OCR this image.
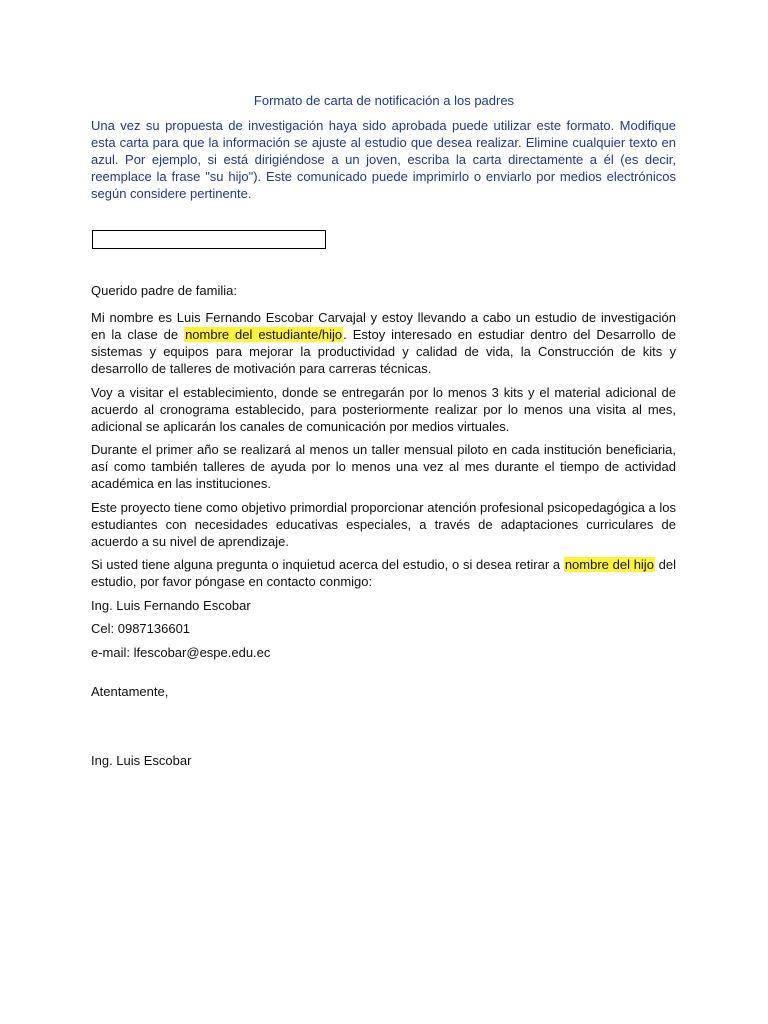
Formato de carta de notificación a los padres

Una vez su propuesta de investigación haya sido aprobada puede utilizar este formato. Modifique esta carta para que la información se ajuste al estudio que desea realizar. Elimine cualquier texto en azul. Por ejemplo, si está dirigiéndose a un joven, escriba la carta directamente a él (es decir, reemplace la frase "su hijo"). Este comunicado puede imprimirlo o enviarlo por medios electrónicos según considere pertinente.

Querido padre de familia:

Mi nombre es Luis Fernando Escobar Carvajal y estoy llevando a cabo un estudio de investigación en la clase de nombre del estudiante/hijo. Estoy interesado en estudiar dentro del Desarrollo de sistemas y equipos para mejorar la productividad y calidad de vida, la Construcción de kits y desarrollo de talleres de motivación para carreras técnicas.

Voy a visitar el establecimiento, donde se entregarán por lo menos 3 kits y el material adicional de acuerdo al cronograma establecido, para posteriormente realizar por lo menos una visita al mes, adicional se aplicarán los canales de comunicación por medios virtuales.

Durante el primer año se realizará al menos un taller mensual piloto en cada institución beneficiaria, así como también talleres de ayuda por lo menos una vez al mes durante el tiempo de actividad académica en las instituciones.

Este proyecto tiene como objetivo primordial proporcionar atención profesional psicopedagógica a los estudiantes con necesidades educativas especiales, a través de adaptaciones curriculares de acuerdo a su nivel de aprendizaje.

Si usted tiene alguna pregunta o inquietud acerca del estudio, o si desea retirar a nombre del hijo del estudio, por favor póngase en contacto conmigo:

Ing. Luis Fernando Escobar

Cel: 0987136601

e-mail: lfescobar@espe.edu.ec

Atentamente,
Ing. Luis Escobar
